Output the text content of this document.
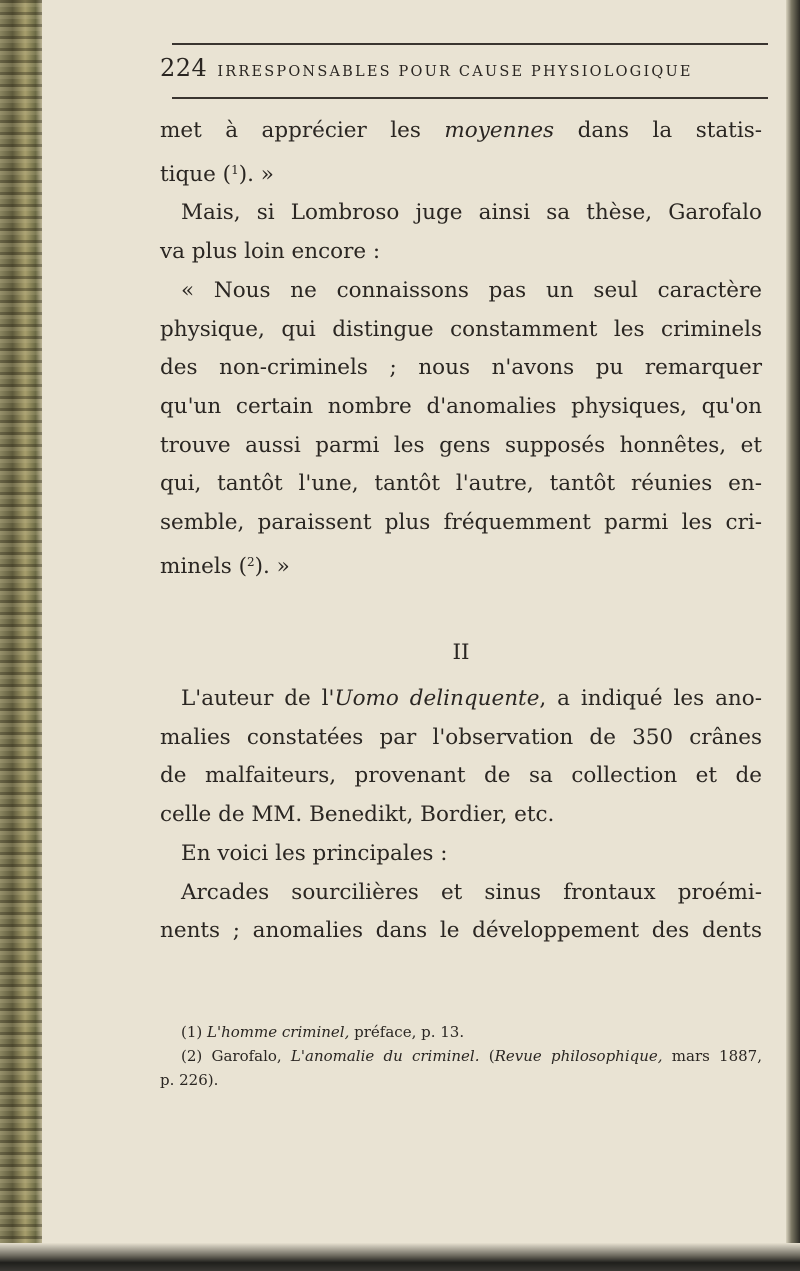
224 IRRESPONSABLES POUR CAUSE PHYSIOLOGIQUE
met à apprécier les moyennes dans la statis-
tique ($^1$). »
Mais, si Lombroso juge ainsi sa thèse, Garofalo
va plus loin encore :
« Nous ne connaissons pas un seul caractère
physique, qui distingue constamment les criminels
des non-criminels ; nous n'avons pu remarquer
qu'un certain nombre d'anomalies physiques, qu'on
trouve aussi parmi les gens supposés honnêtes, et
qui, tantôt l'une, tantôt l'autre, tantôt réunies en-
semble, paraissent plus fréquemment parmi les cri-
minels ($^2$). »
II
L'auteur de l'Uomo delinquente, a indiqué les ano-
malies constatées par l'observation de 350 crânes
de malfaiteurs, provenant de sa collection et de
celle de MM. Benedikt, Bordier, etc.
En voici les principales :
Arcades sourcilières et sinus frontaux proémi-
nents ; anomalies dans le développement des dents
(1) L'homme criminel, préface, p. 13.
(2) Garofalo, L'anomalie du criminel. (Revue philosophique, mars 1887,
p. 226).
